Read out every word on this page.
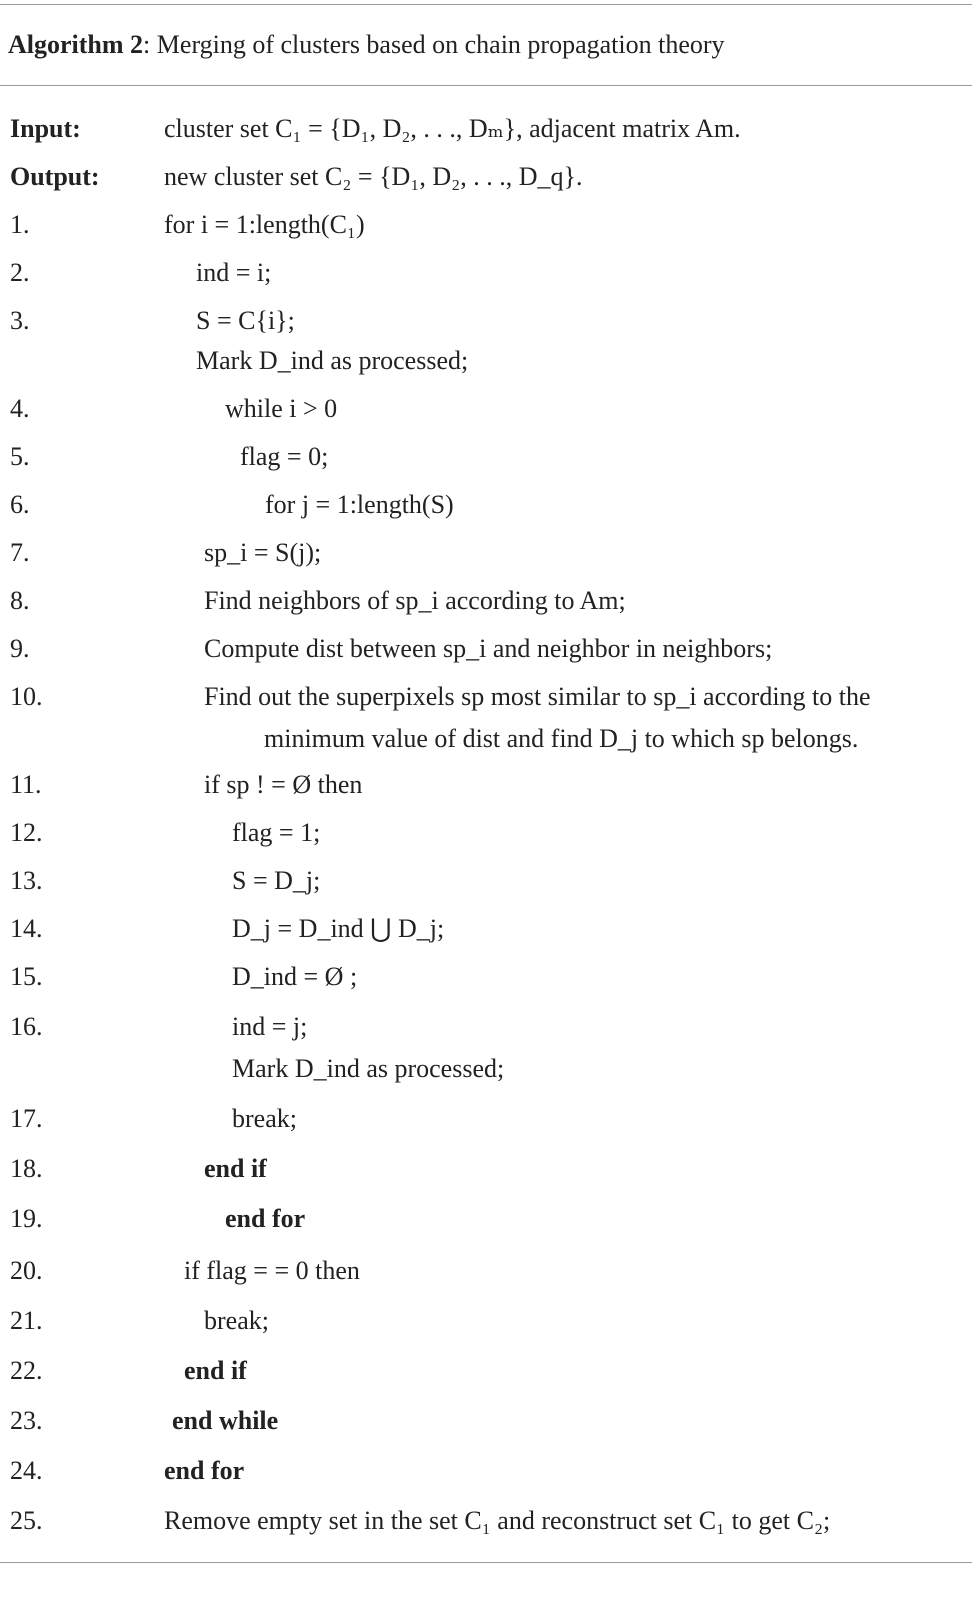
Algorithm 2: Merging of clusters based on chain propagation theory
Input:	cluster set C₁ = {D₁, D₂, . . ., Dₘ}, adjacent matrix Am.
Output: new cluster set C₂ = {D₁, D₂, . . ., D_q}.
1.	for i = 1:length(C₁)
2.	ind = i;
3.	S = C{i};
Mark D_ind as processed;
4.	while i > 0
5.	flag = 0;
6.	for j = 1:length(S)
7.	sp_i = S(j);
8.	Find neighbors of sp_i according to Am;
9.	Compute dist between sp_i and neighbor in neighbors;
10.	Find out the superpixels sp most similar to sp_i according to the
minimum value of dist and find D_j to which sp belongs.
11.	if sp ! = Ø then
12.	flag = 1;
13.	S = D_j;
14.	D_j = D_ind ⋃ D_j;
15.	D_ind = Ø ;
16.	ind = j;
Mark D_ind as processed;
17.	break;
18.	end if
19.	end for
20.	if flag = = 0 then
21.	break;
22.	end if
23.	end while
24.	end for
25.	Remove empty set in the set C₁ and reconstruct set C₁ to get C₂;
